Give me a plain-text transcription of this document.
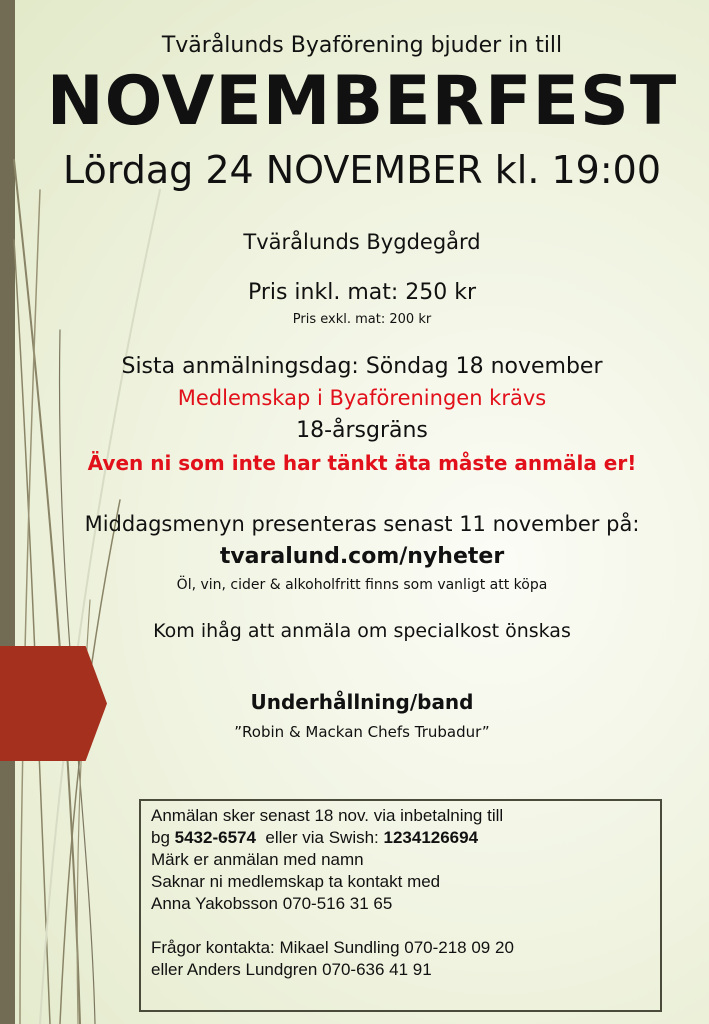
Tvärålunds Byaförening bjuder in till
NOVEMBERFEST
Lördag 24 NOVEMBER kl. 19:00
Tvärålunds Bygdegård
Pris inkl. mat: 250 kr
Pris exkl. mat: 200 kr
Sista anmälningsdag: Söndag 18 november
Medlemskap i Byaföreningen krävs
18-årsgräns
Även ni som inte har tänkt äta måste anmäla er!
Middagsmenyn presenteras senast 11 november på:
tvaralund.com/nyheter
Öl, vin, cider & alkoholfritt finns som vanligt att köpa
Kom ihåg att anmäla om specialkost önskas
Underhållning/band
”Robin & Mackan Chefs Trubadur”
Anmälan sker senast 18 nov. via inbetalning till
bg 5432-6574  eller via Swish: 1234126694
Märk er anmälan med namn
Saknar ni medlemskap ta kontakt med
Anna Yakobsson 070-516 31 65
Frågor kontakta: Mikael Sundling 070-218 09 20
eller Anders Lundgren 070-636 41 91
